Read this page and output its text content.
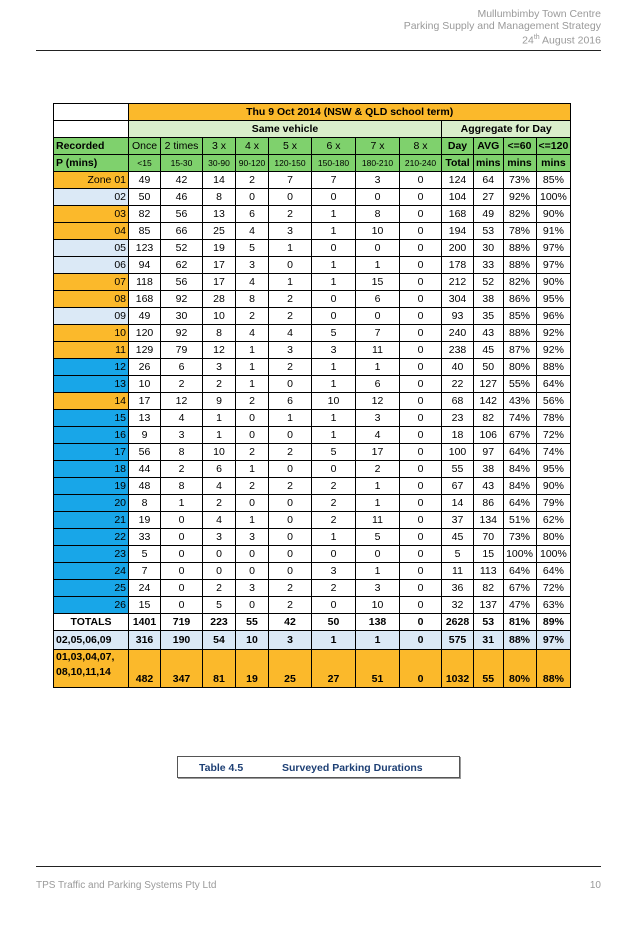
Mullumbimby Town Centre
Parking Supply and Management Strategy
24th August 2016
	Thu 9 Oct 2014 (NSW & QLD school term)											
	Same vehicle								Aggregate for Day			
Recorded	Once	2 times	3 x	4 x	5 x	6 x	7 x	8 x	Day	AVG	<=60	<=120
P (mins)	<15	15-30	30-90	90-120	120-150	150-180	180-210	210-240	Total	mins	mins	mins
Zone 01	49	42	14	2	7	7	3	0	124	64	73%	85%
02	50	46	8	0	0	0	0	0	104	27	92%	100%
03	82	56	13	6	2	1	8	0	168	49	82%	90%
04	85	66	25	4	3	1	10	0	194	53	78%	91%
05	123	52	19	5	1	0	0	0	200	30	88%	97%
06	94	62	17	3	0	1	1	0	178	33	88%	97%
07	118	56	17	4	1	1	15	0	212	52	82%	90%
08	168	92	28	8	2	0	6	0	304	38	86%	95%
09	49	30	10	2	2	0	0	0	93	35	85%	96%
10	120	92	8	4	4	5	7	0	240	43	88%	92%
11	129	79	12	1	3	3	11	0	238	45	87%	92%
12	26	6	3	1	2	1	1	0	40	50	80%	88%
13	10	2	2	1	0	1	6	0	22	127	55%	64%
14	17	12	9	2	6	10	12	0	68	142	43%	56%
15	13	4	1	0	1	1	3	0	23	82	74%	78%
16	9	3	1	0	0	1	4	0	18	106	67%	72%
17	56	8	10	2	2	5	17	0	100	97	64%	74%
18	44	2	6	1	0	0	2	0	55	38	84%	95%
19	48	8	4	2	2	2	1	0	67	43	84%	90%
20	8	1	2	0	0	2	1	0	14	86	64%	79%
21	19	0	4	1	0	2	11	0	37	134	51%	62%
22	33	0	3	3	0	1	5	0	45	70	73%	80%
23	5	0	0	0	0	0	0	0	5	15	100%	100%
24	7	0	0	0	0	3	1	0	11	113	64%	64%
25	24	0	2	3	2	2	3	0	36	82	67%	72%
26	15	0	5	0	2	0	10	0	32	137	47%	63%
TOTALS	1401	719	223	55	42	50	138	0	2628	53	81%	89%
02,05,06,09	316	190	54	10	3	1	1	0	575	31	88%	97%

01,03,04,07,
08,10,11,14	482	347	81	19	25	27	51	0	1032	55	80%	88%
Table 4.5	Surveyed Parking Durations
TPS Traffic and Parking Systems Pty Ltd	10
